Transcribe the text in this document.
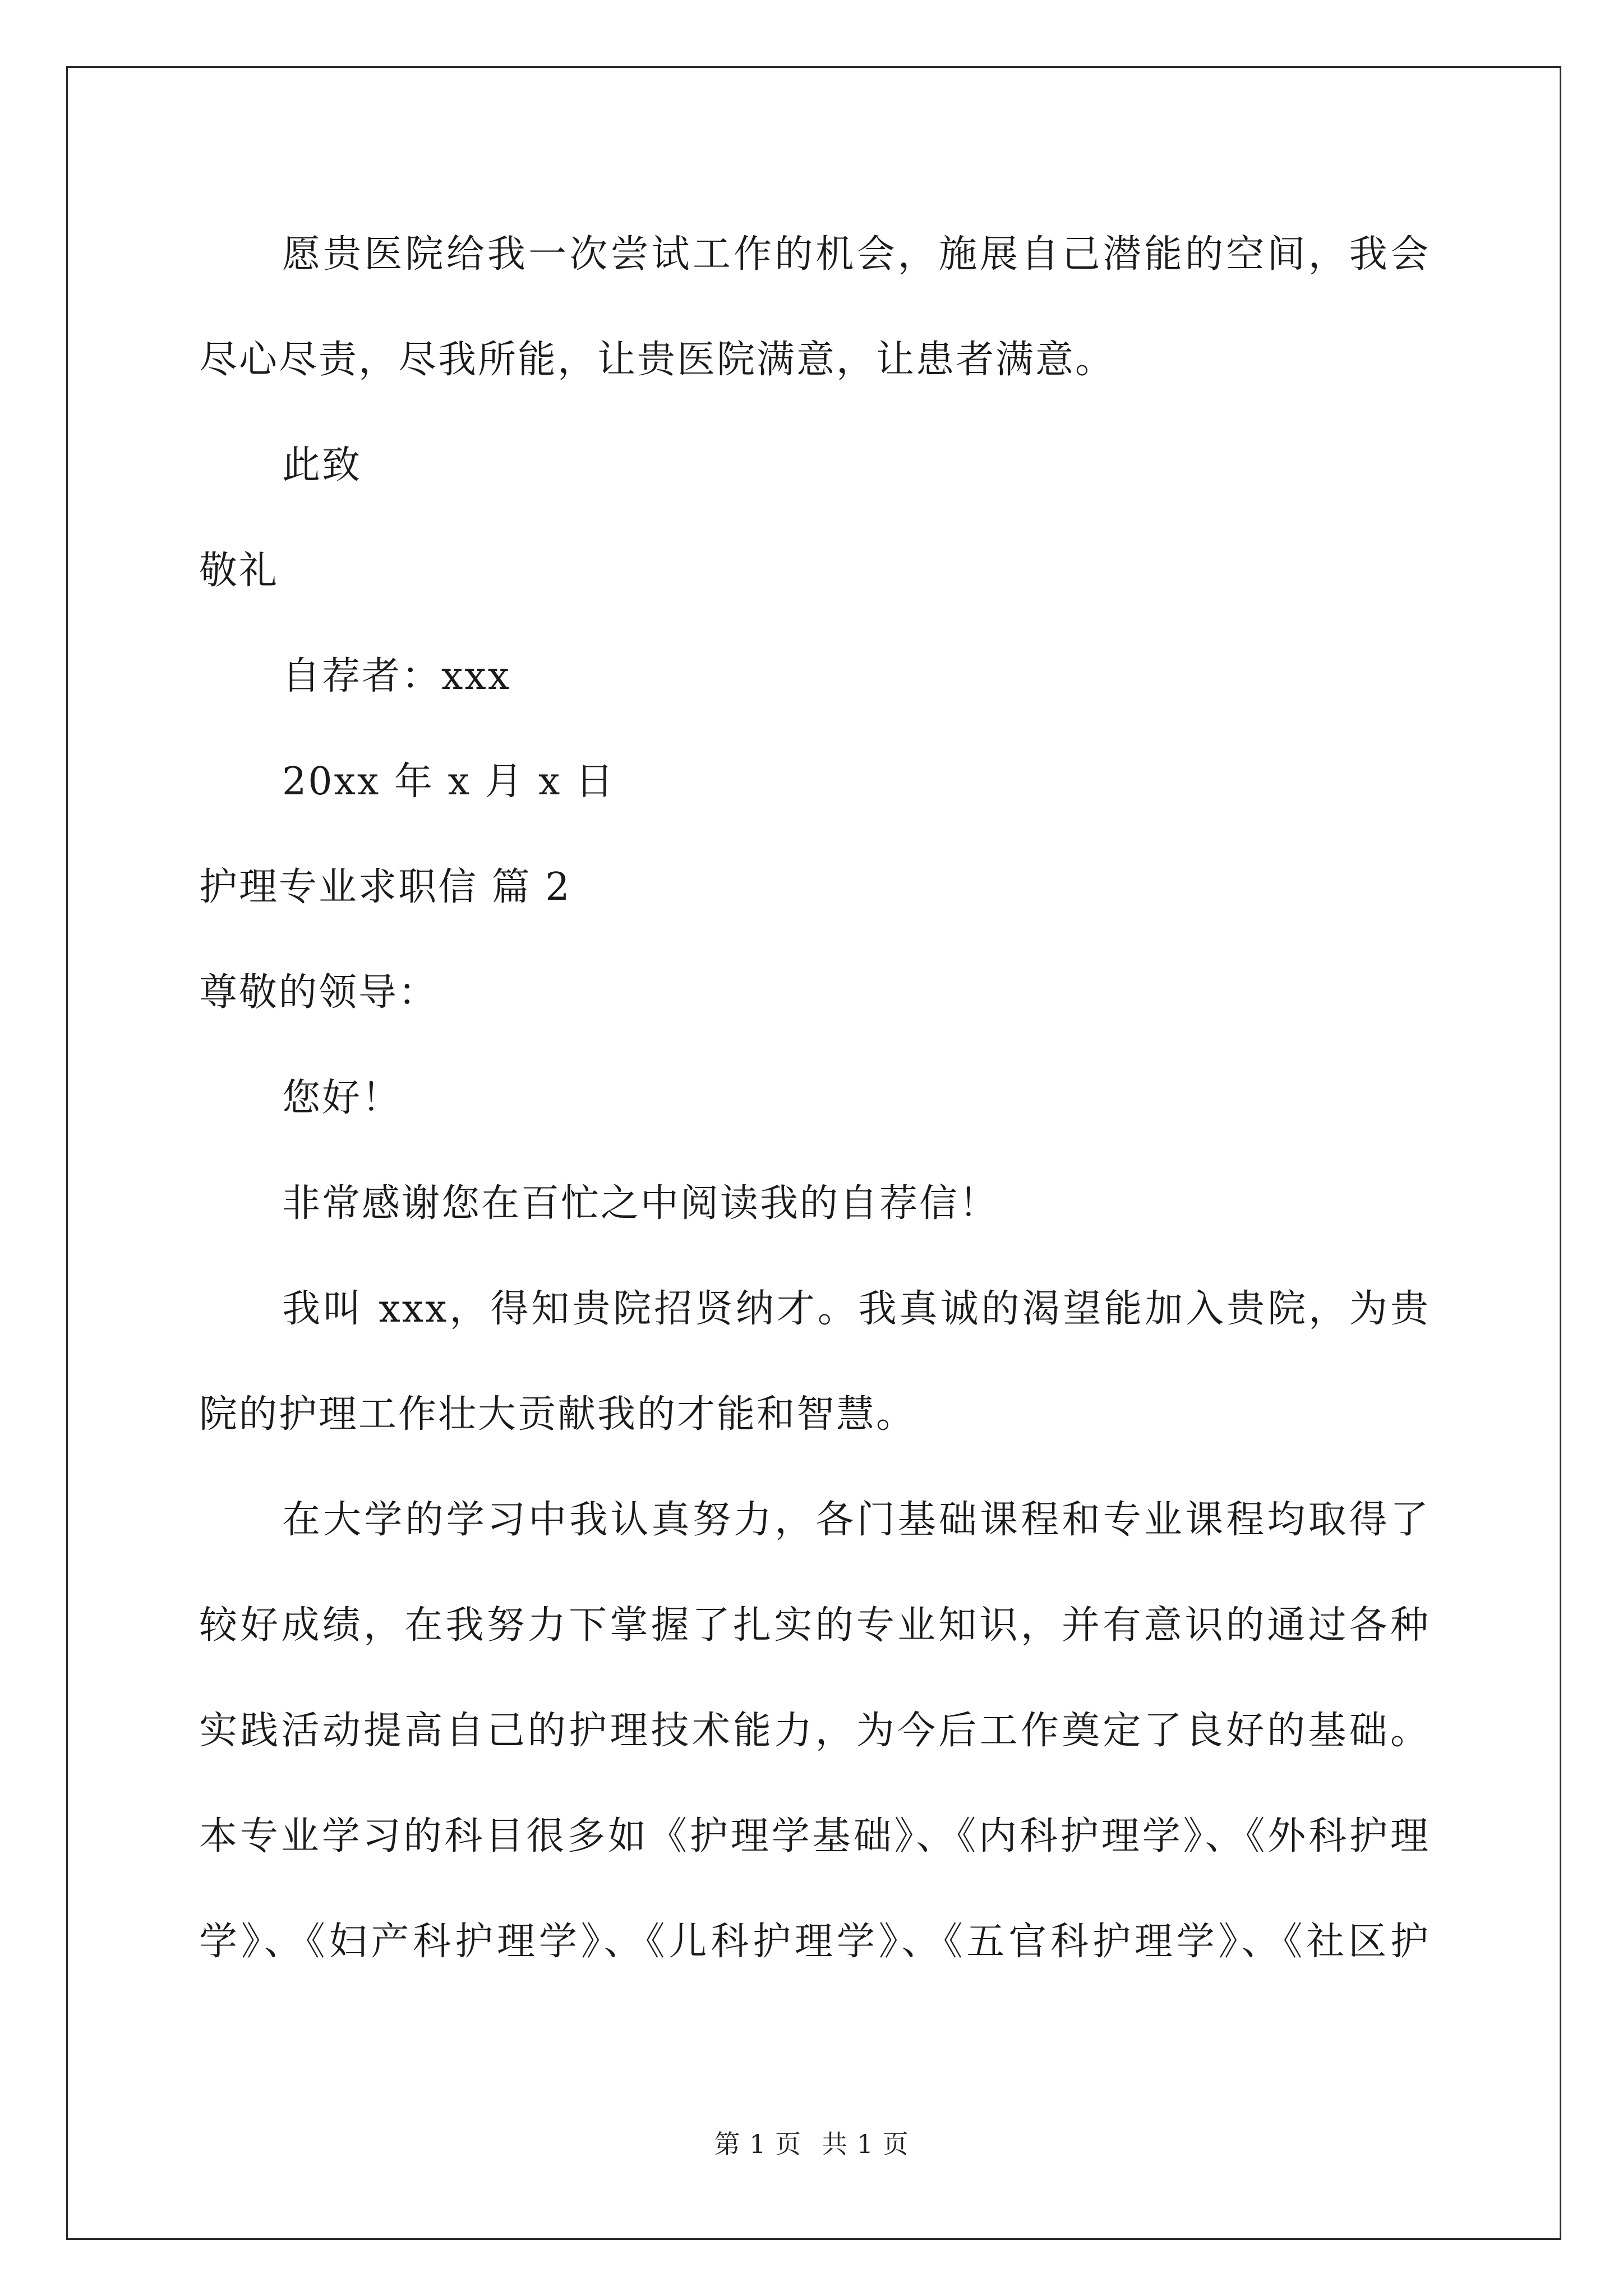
愿贵医院给我一次尝试工作的机会，施展自己潜能的空间，我会
尽心尽责，尽我所能，让贵医院满意，让患者满意。
此致
敬礼
自荐者：xxx
20xx 年 x 月 x 日
护理专业求职信 篇 2
尊敬的领导：
您好！
非常感谢您在百忙之中阅读我的自荐信！
我叫 xxx，得知贵院招贤纳才。我真诚的渴望能加入贵院，为贵
院的护理工作壮大贡献我的才能和智慧。
在大学的学习中我认真努力，各门基础课程和专业课程均取得了
较好成绩，在我努力下掌握了扎实的专业知识，并有意识的通过各种
实践活动提高自己的护理技术能力，为今后工作奠定了良好的基础。
本专业学习的科目很多如《护理学基础》、《内科护理学》、《外科护理
学》、《妇产科护理学》、《儿科护理学》、《五官科护理学》、《社区护
第 1 页 共 1 页
